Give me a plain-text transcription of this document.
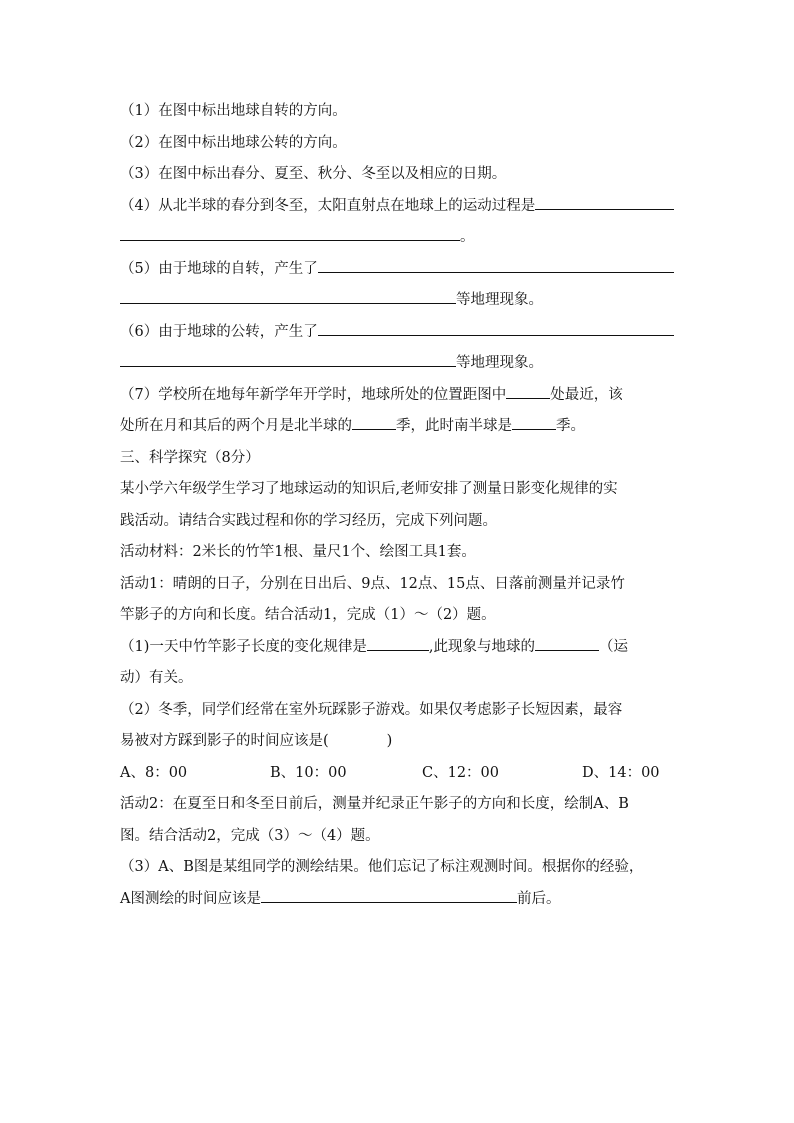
（1）在图中标出地球自转的方向。
（2）在图中标出地球公转的方向。
（3）在图中标出春分、夏至、秋分、冬至以及相应的日期。
（4）从北半球的春分到冬至，太阳直射点在地球上的运动过程是
。
（5）由于地球的自转，产生了
等地理现象。
（6）由于地球的公转，产生了
等地理现象。
（7）学校所在地每年新学年开学时，地球所处的位置距图中	处最近，该
处所在月和其后的两个月是北半球的	季，此时南半球是	季。
三、科学探究（8分）
某小学六年级学生学习了地球运动的知识后,老师安排了测量日影变化规律的实
践活动。请结合实践过程和你的学习经历，完成下列问题。
活动材料：2米长的竹竿1根、量尺1个、绘图工具1套。
活动1：晴朗的日子，分别在日出后、9点、12点、15点、日落前测量并记录竹
竿影子的方向和长度。结合活动1，完成（1）～（2）题。
（1)一天中竹竿影子长度的变化规律是	,此现象与地球的	（运
动）有关。
（2）冬季，同学们经常在室外玩踩影子游戏。如果仅考虑影子长短因素，最容
易被对方踩到影子的时间应该是(　　　　)
A、8：00	B、10：00	C、12：00	D、14：00
活动2：在夏至日和冬至日前后，测量并纪录正午影子的方向和长度，绘制A、B
图。结合活动2，完成（3）～（4）题。
（3）A、B图是某组同学的测绘结果。他们忘记了标注观测时间。根据你的经验，
A图测绘的时间应该是	前后。
